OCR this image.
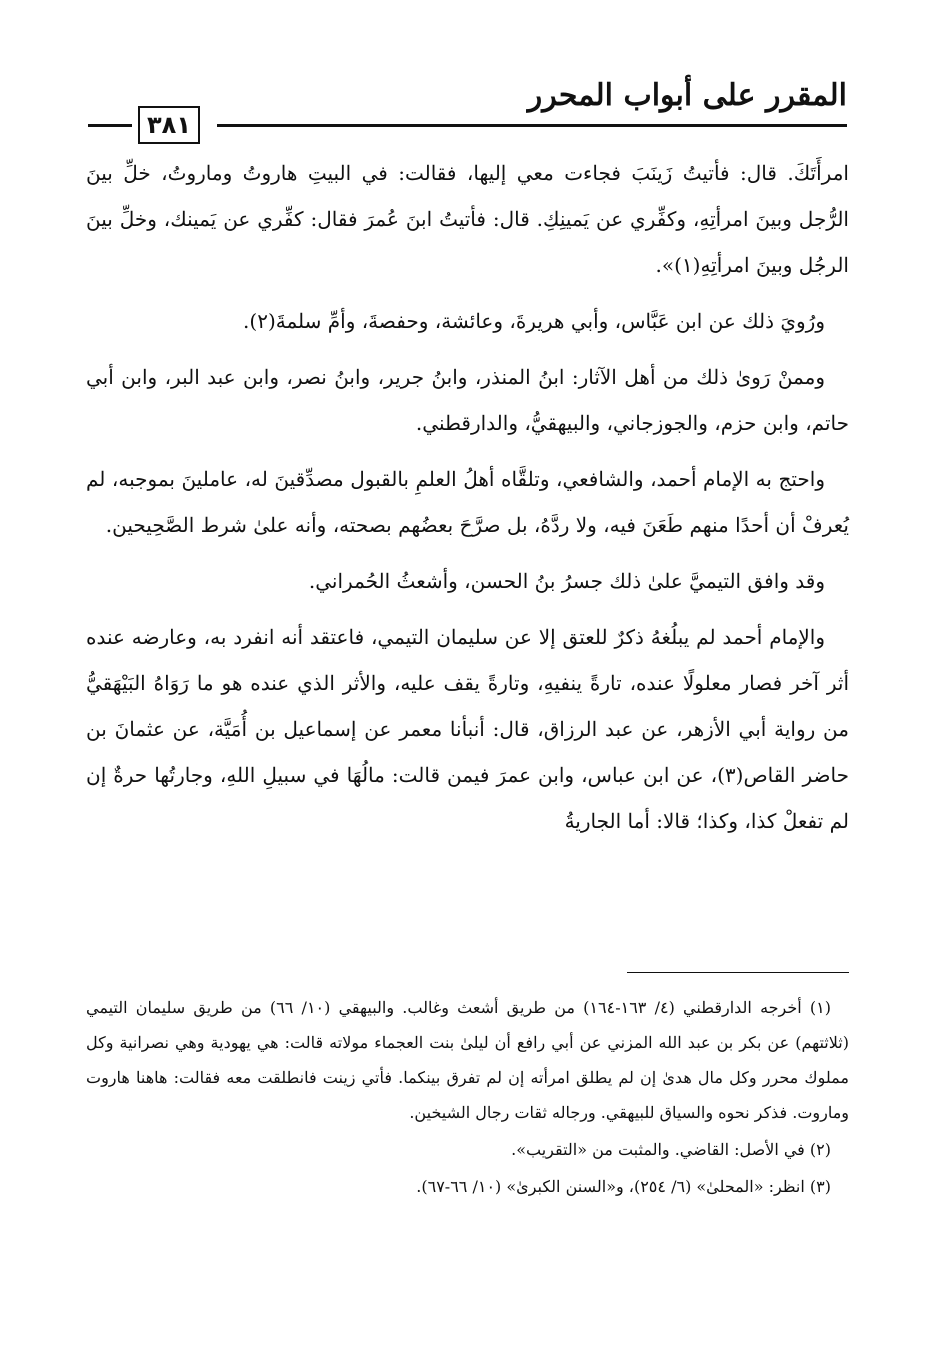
المقرر على أبواب المحرر
٣٨١

امرأَتَكَ. قال: فأتيتُ زَينَبَ فجاءت معي إليها، فقالت: في البيتِ هاروتُ وماروتُ، خلِّ بينَ الرُّجل وبينَ امرأتِهِ، وكفِّري عن يَمينِكِ. قال: فأتيتُ ابنَ عُمرَ فقال: كفِّري عن يَمينك، وخلِّ بينَ الرجُل وبينَ امرأتِهِ(١)».

ورُويَ ذلك عن ابن عَبَّاس، وأبي هريرةَ، وعائشة، وحفصةَ، وأمِّ سلمةَ(٢).

وممنْ رَوىٰ ذلك من أهل الآثار: ابنُ المنذر، وابنُ جرير، وابنُ نصر، وابن عبد البر، وابن أبي حاتم، وابن حزم، والجوزجاني، والبيهقيُّ، والدارقطني.

واحتج به الإمام أحمد، والشافعي، وتلقَّاه أهلُ العلمِ بالقبول مصدِّقينَ له، عاملينَ بموجبه، لم يُعرفْ أن أحدًا منهم طَعَنَ فيه، ولا ردَّهُ، بل صرَّحَ بعضُهم بصحته، وأنه علىٰ شرط الصَّحِيحين.

وقد وافق التيميَّ علىٰ ذلك جسرُ بنُ الحسن، وأشعثُ الحُمراني.

والإمام أحمد لم يبلُغهُ ذكرٌ للعتق إلا عن سليمان التيمي، فاعتقد أنه انفرد به، وعارضه عنده أثر آخر فصار معلولًا عنده، تارةً ينفيهِ، وتارةً يقف عليه، والأثر الذي عنده هو ما رَوَاهُ البَيْهَقيُّ من رواية أبي الأزهر، عن عبد الرزاق، قال: أنبأنا معمر عن إسماعيل بن أُمَيَّة، عن عثمانَ بن حاضر القاص(٣)، عن ابن عباس، وابن عمرَ فيمن قالت: مالُهَا في سبيلِ اللهِ، وجارتُها حرةٌ إن لم تفعلْ كذا، وكذا؛ قالا: أما الجاريةُ

(١) أخرجه الدارقطني (٤/ ١٦٣-١٦٤) من طريق أشعث وغالب. والبيهقي (١٠/ ٦٦) من طريق سليمان التيمي (ثلاثتهم) عن بكر بن عبد الله المزني عن أبي رافع أن ليلىٰ بنت العجماء مولاته قالت: هي يهودية وهي نصرانية وكل مملوك محرر وكل مال هدىٰ إن لم يطلق امرأته إن لم تفرق بينكما. فأتي زينت فانطلقت معه فقالت: هاهنا هاروت وماروت. فذكر نحوه والسياق للبيهقي. ورجاله ثقات رجال الشيخين.

(٢) في الأصل: القاضي. والمثبت من «التقريب».

(٣) انظر: «المحلىٰ» (٦/ ٢٥٤)، و«السنن الكبرىٰ» (١٠/ ٦٦-٦٧).
